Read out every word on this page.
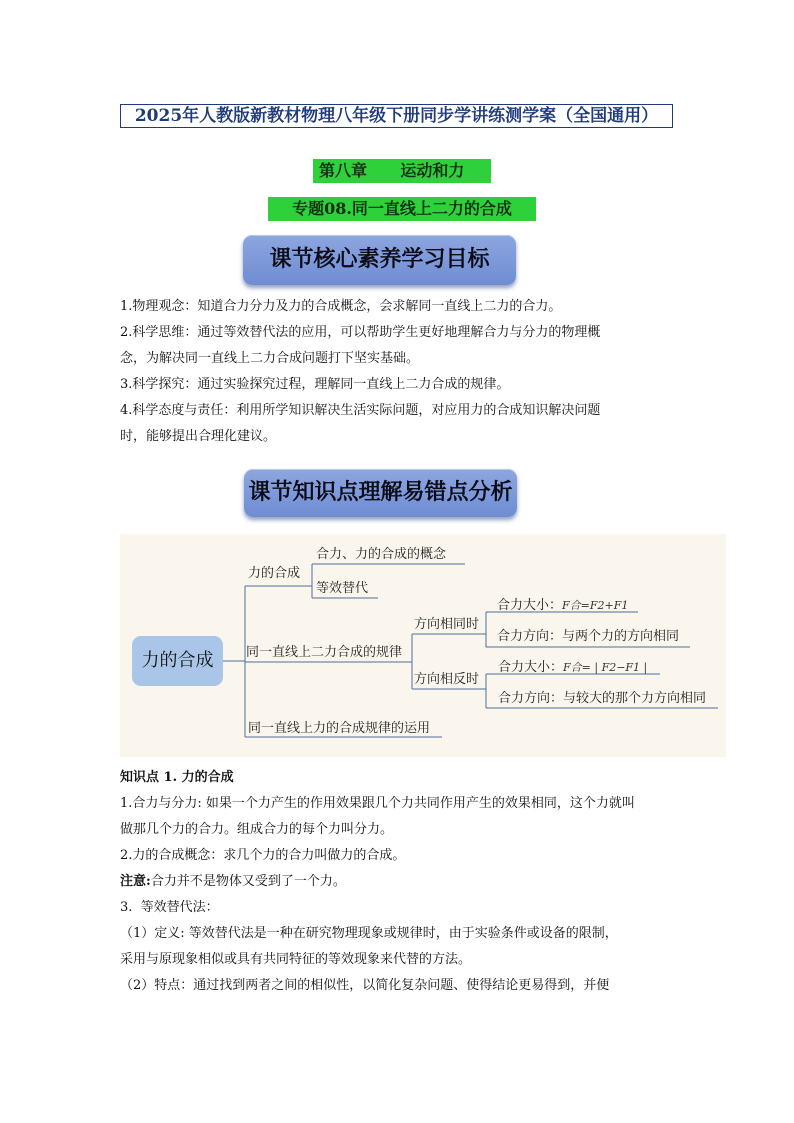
2025年人教版新教材物理八年级下册同步学讲练测学案（全国通用）
第八章      运动和力
专题08.同一直线上二力的合成
课节核心素养学习目标

1.物理观念：知道合力分力及力的合成概念，会求解同一直线上二力的合力。

2.科学思维：通过等效替代法的应用，可以帮助学生更好地理解合力与分力的物理概

念，为解决同一直线上二力合成问题打下坚实基础。

3.科学探究：通过实验探究过程，理解同一直线上二力合成的规律。

4.科学态度与责任：利用所学知识解决生活实际问题，对应用力的合成知识解决问题

时，能够提出合理化建议。

课节知识点理解易错点分析
力的合成
力的合成
合力、力的合成的概念
等效替代
同一直线上二力合成的规律
方向相同时
方向相反时
合力大小：F合=F2+F1
合力方向：与两个力的方向相同
合力大小：F合= | F2−F1 |
合力方向：与较大的那个力方向相同
同一直线上力的合成规律的运用

知识点 1. 力的合成

1.合力与分力: 如果一个力产生的作用效果跟几个力共同作用产生的效果相同，这个力就叫

做那几个力的合力。组成合力的每个力叫分力。

2.力的合成概念：求几个力的合力叫做力的合成。

注意:合力并不是物体又受到了一个力。

3.  等效替代法：

（1）定义: 等效替代法是一种在研究物理现象或规律时，由于实验条件或设备的限制，

采用与原现象相似或具有共同特征的等效现象来代替的方法。

（2）特点：通过找到两者之间的相似性，以简化复杂问题、使得结论更易得到，并便
